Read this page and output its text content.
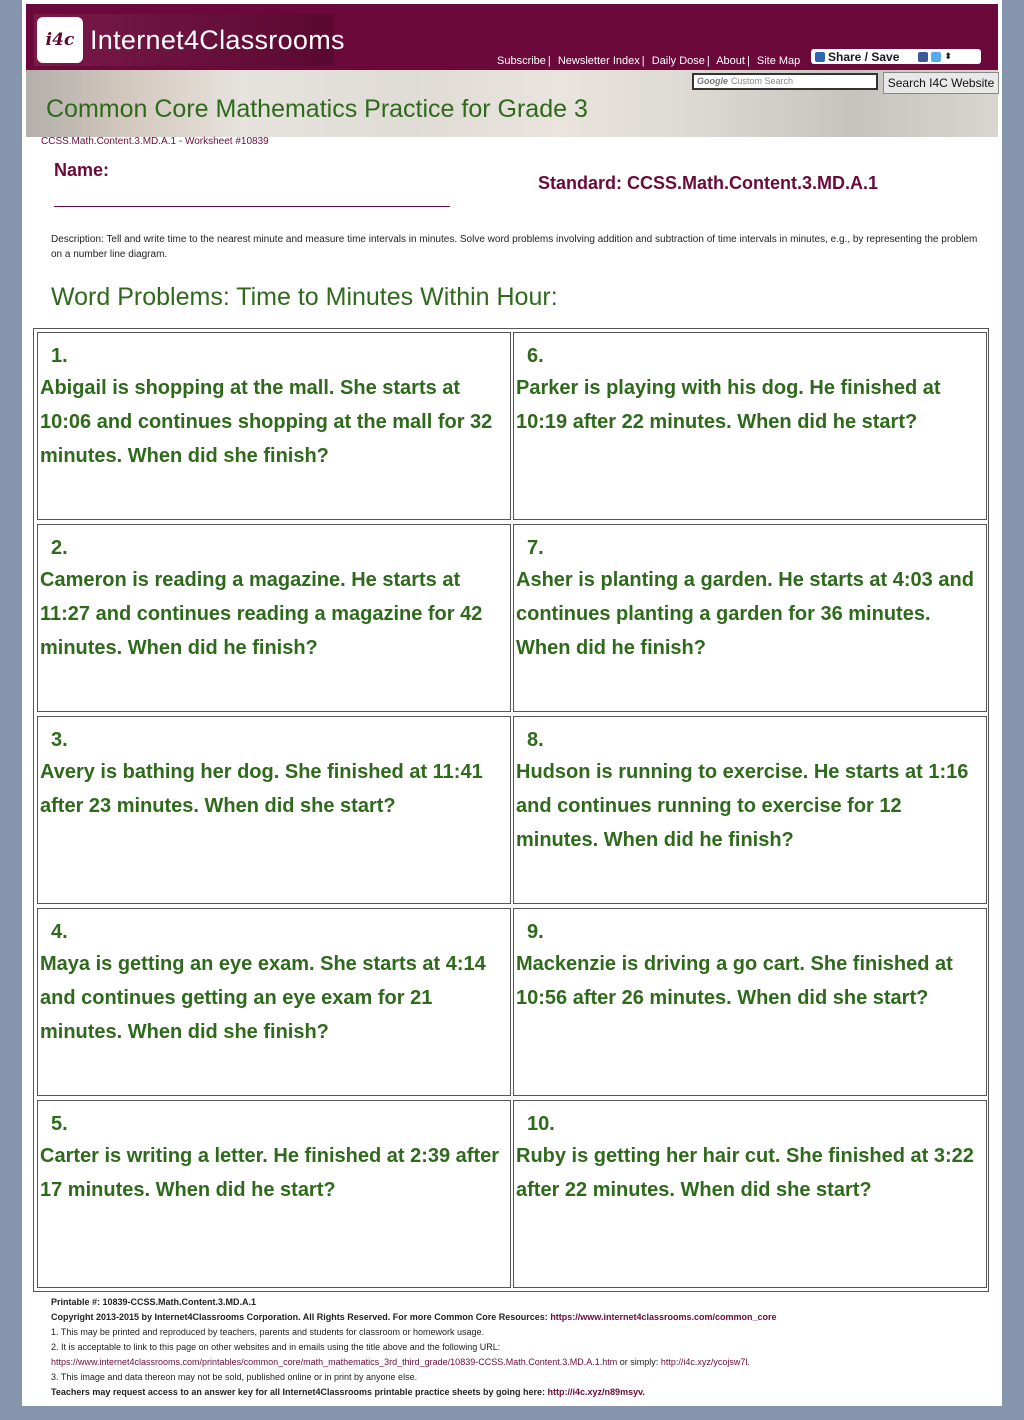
i4c Internet4Classrooms
Subscribe | Newsletter Index | Daily Dose | About | Site Map Share / Save	⬍
Google Custom Search	Search I4C Website
Common Core Mathematics Practice for Grade 3
CCSS.Math.Content.3.MD.A.1 - Worksheet #10839
Name:
Standard: CCSS.Math.Content.3.MD.A.1
Description: Tell and write time to the nearest minute and measure time intervals in minutes. Solve word problems involving addition and subtraction of time intervals in minutes, e.g., by representing the problem on a number line diagram.
Word Problems: Time to Minutes Within Hour:
1.
Abigail is shopping at the mall. She starts at 10:06 and continues shopping at the mall for 32 minutes. When did she finish?
2.
Cameron is reading a magazine. He starts at 11:27 and continues reading a magazine for 42 minutes. When did he finish?
3.
Avery is bathing her dog. She finished at 11:41 after 23 minutes. When did she start?
4.
Maya is getting an eye exam. She starts at 4:14 and continues getting an eye exam for 21 minutes. When did she finish?
5.
Carter is writing a letter. He finished at 2:39 after 17 minutes. When did he start?
6.
Parker is playing with his dog. He finished at 10:19 after 22 minutes. When did he start?
7.
Asher is planting a garden. He starts at 4:03 and continues planting a garden for 36 minutes. When did he finish?
8.
Hudson is running to exercise. He starts at 1:16 and continues running to exercise for 12 minutes. When did he finish?
9.
Mackenzie is driving a go cart. She finished at 10:56 after 26 minutes. When did she start?
10.
Ruby is getting her hair cut. She finished at 3:22 after 22 minutes. When did she start?
Printable #: 10839-CCSS.Math.Content.3.MD.A.1
Copyright 2013-2015 by Internet4Classrooms Corporation. All Rights Reserved. For more Common Core Resources: https://www.internet4classrooms.com/common_core
1. This may be printed and reproduced by teachers, parents and students for classroom or homework usage.
2. It is acceptable to link to this page on other websites and in emails using the title above and the following URL:
https://www.internet4classrooms.com/printables/common_core/math_mathematics_3rd_third_grade/10839-CCSS.Math.Content.3.MD.A.1.htm or simply: http://i4c.xyz/ycojsw7l.
3. This image and data thereon may not be sold, published online or in print by anyone else.
Teachers may request access to an answer key for all Internet4Classrooms printable practice sheets by going here: http://i4c.xyz/n89msyv.
